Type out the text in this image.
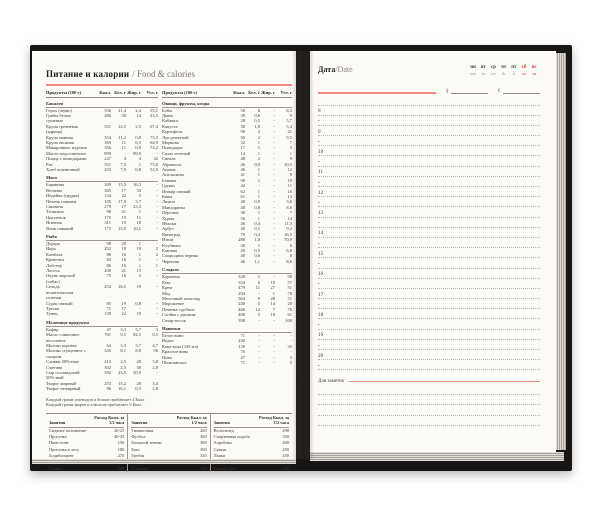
Питание и калории / Food & calories
Продукты (100 г)	Ккал. Бел. г Жир. г	Угл. г
Бакалея
Горох (зерно)	336	21,4	2,4	53,1
Грибы белые сушеные
286	30	14	23,5
Крупа гречневая (ядрица)
351	12,5	2,5	67,4
Крупа манная	354	11,2	0,8	73,3
Крупа овсяная	369	11	6,5	64,9
Макаронные изделия	356	11	0,9	74,2
Масло подсолнечное	899	-	99,9	-
Пицца с помидорами	247	4	4	32
Рис	351	7,5	1	73,6
Хлеб пшеничный	255	7,9	0,8	52,6
Мясо
Баранина	209	15,5	16,3	-
Ветчина	365	17	33	-
Индейка (грудка)	134	22	5	-
Печень говяжья	105	17,9	3,7	-
Свинина	279	17	23,3	-
Телятина	90	21	1	-
Цыпленок	175	19	11	-
Ягненок	311	19	18	-
Язык говяжий	173	15,5	10,1	-
Рыба
Дорада	98	20	1	-
Икра	252	10	19	2
Камбала	86	16	1	2
Креветки	84	16	1	-
Лобстер	86	16	1	1
Лосось	200	21	13	-
Окунь морской (сибас)
75	16	2	-
Сельдь атлантическая соленая
254	16,5	19	-
Судак свежий	85	19	0,8	-
Треска	71	17	-	-
Тунец	139	22	19	-
Молочные продукты
Кефир	47	3,3	3,7	3
Масло сливочное несоленое
781	0,5	82,5	0,5
Молоко коровье	64	3,3	3,7	4,7
Молоко сгущенное с сахаром
345	8,1	8,8	56
Сливки 20%-ные	213	2,5	20	3,8
Сметана	302	2,5	30	2,8
Сыр голландский 50%-ный
392	23,5	30,9	-
Творог жирный	253	15,2	20	3,4
Творог нежирный	86	16,1	0,5	2,8
Продукты (100 г)	Ккал. Бел. г Жир. г	Угл. г
Овощи, фрукты, ягоды
Бобы	58	6	-	8,3
Дыня	39	0,6	-	9
Кабачки	28	0,5	-	5,7
Капуста	30	1,8	-	5,4
Картофель	90	2	-	21
Лук репчатый	50	2	-	9,5
Морковь	32	1	-	7
Помидоры	17	1	-	3
Салат зеленый	14	1	-	1
Свекла	48	2	-	9
Абрикосы	46	0,9	-	10,5
Ананас	46	1	-	12
Апельсины	41	1	-	9
Бананы	90	1	-	19
Груши	42	-	-	11
Инжир свежий	62	1	-	16
Киви	61	1	-	13
Лимон	40	0,9	-	3,6
Мандарины	40	0,8	-	8,6
Персики	30	1	-	7
Хурма	56	1	-	14
Яблоки	46	0,4	-	11,3
Арбуз	40	0,5	-	9,2
Виноград	70	0,4	-	16,5
Изюм	280	1,8	-	70,9
Клубника	30	1	-	6
Клюква	26	0,5	-	6,8
Смородина черная	40	0,6	-	8
Черешня	46	1,1	-	8,6
Сладкое
Карамель	330	1	-	90
Кекс	334	6	10	57
Крем	479	11	27	51
Мед	294	-	1	76
Молочный шоколад	564	9	28	51
Мороженое	240	5	14	20
Печенье сдобное	460	12	7	76
Слойка с джемом	408	5	18	61
Сахар-песок	398	-	-	100
Напитки
Белое вино	71	-	-	-
Водка	240	-	-	-
Кока-кола (330 мл)	139	-	-	35
Красное вино	76	-	-	-
Пиво	47	-	-	3
Шампанское	71	-	-	5
Каждый грамм углеводов и белков прибавляет 4 Ккал
Каждый грамм жиров и алкоголя прибавляет 9 Ккал
Занятия
Расход Ккал. за 1/2 часа
Сидячее положение	20-25
Прогулка	40-45
Пинг-понг	150
Прогулка в лесу	180
Бодибилдинг	270
Теннис	300
Занятия
Расход Ккал. за 1/2 часа
Гимнастика	200
Футбол	300
Большой теннис	300
Бокс	300
Гребля	330
Плавание	350
Занятия
Расход Ккал. за 1/2 часа
Велосипед	290
Спортивная ходьба	350
Аэробика	400
Сквош	450
Лыжи	450
Коньки (бег)	500
Дата/Date	пн	вт	ср	чт	пт	сб	вс
mo	tu	we	th	fr	sa	su
§	€
8
•
9
•
10
•
11
•
12
•
13
•
14
•
15
•
16
•
17
•
18
•
19
•
20
•
Для заметок
